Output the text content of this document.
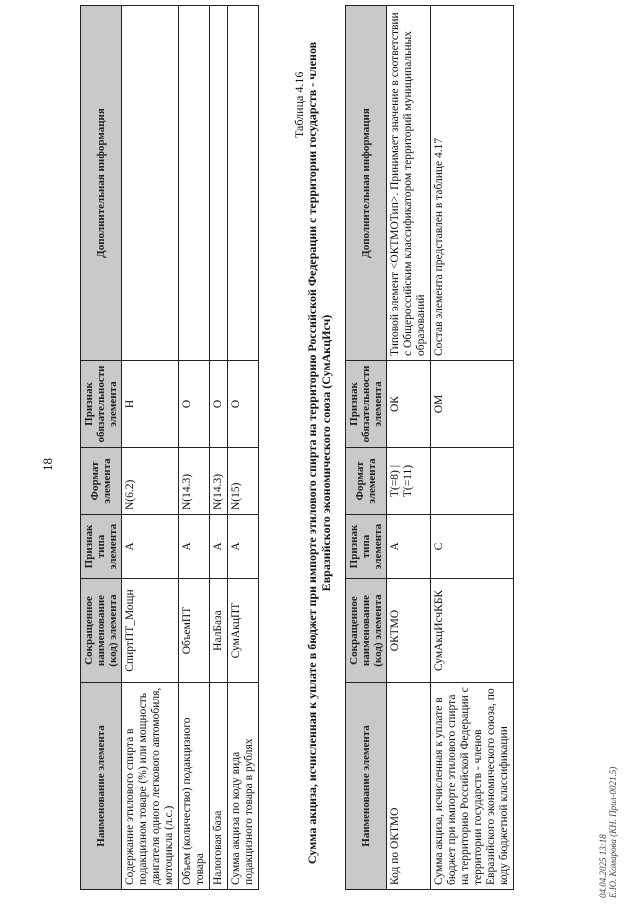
18
Наименование элемента	Сокращенное наименование (код) элемента	Признак типа элемента	Формат элемента	Признак обязательности элемента	Дополнительная информация
Содержание этилового спирта в подакцизном товаре (%) или мощность двигателя одного легкового автомобиля, мотоцикла (л.с.)	СпиртПТ_Мощн	А	N(6.2)	Н	
Объем (количество) подакцизного товара	ОбъемПТ	А	N(14.3)	О	
Налоговая база	НалБаза	А	N(14.3)	О	
Сумма акциза по коду вида подакцизного товара в рублях	СумАкцПТ	А	N(15)	О	
Таблица 4.16 Сумма акциза, исчисленная к уплате в бюджет при импорте этилового спирта на территорию Российской Федерации с территории государств - членов Евразийского экономического союза (СумАкцИсч)
Наименование элемента	Сокращенное наименование (код) элемента	Признак типа элемента	Формат элемента	Признак обязательности элемента	Дополнительная информация
Код по ОКТМО	ОКТМО	А	T(=8) | T(=11)	ОК	Типовой элемент <ОКТМОТип>. Принимает значение в соответствии с Общероссийским классификатором территорий муниципальных образований
Сумма акциза, исчисленная к уплате в бюджет при импорте этилового спирта на территорию Российской Федерации с территории государств - членов Евразийского экономического союза, по коду бюджетной классификации	СумАкцИсчКБК	С		ОМ	Состав элемента представлен в таблице 4.17
04.04.2025 13:18 Е.Ю. Комарова (КН. Прил-0021.5)
